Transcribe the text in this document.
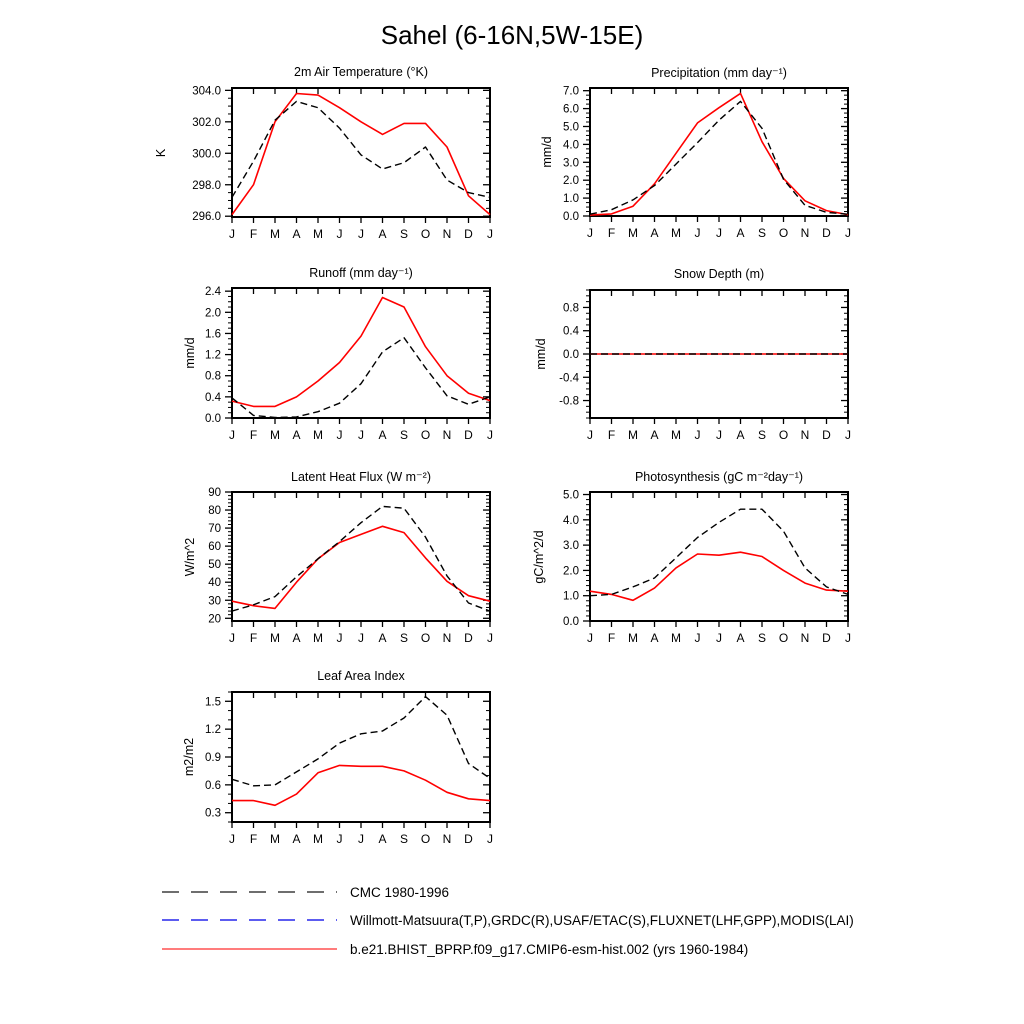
Sahel (6-16N,5W-15E)
2m Air Temperature (°K)
K
J F M A M J J A S O N D J
296.0
298.0
300.0
302.0
304.0
Precipitation (mm day⁻¹)
mm/d
J F M A M J J A S O N D J
0.0
1.0
2.0
3.0
4.0
5.0
6.0
7.0
Runoff (mm day⁻¹)
mm/d
J F M A M J J A S O N D J
0.0
0.4
0.8
1.2
1.6
2.0
2.4
Snow Depth (m)
mm/d
J F M A M J J A S O N D J
-0.8
-0.4
0.0
0.4
0.8
Latent Heat Flux (W m⁻²)
W/m^2
J F M A M J J A S O N D J
20
30
40
50
60
70
80
90
Photosynthesis (gC m⁻²day⁻¹)
gC/m^2/d
J F M A M J J A S O N D J
0.0
1.0
2.0
3.0
4.0
5.0
Leaf Area Index
m2/m2
J F M A M J J A S O N D J
0.3
0.6
0.9
1.2
1.5
CMC 1980-1996
Willmott-Matsuura(T,P),GRDC(R),USAF/ETAC(S),FLUXNET(LHF,GPP),MODIS(LAI)
b.e21.BHIST_BPRP.f09_g17.CMIP6-esm-hist.002 (yrs 1960-1984)
